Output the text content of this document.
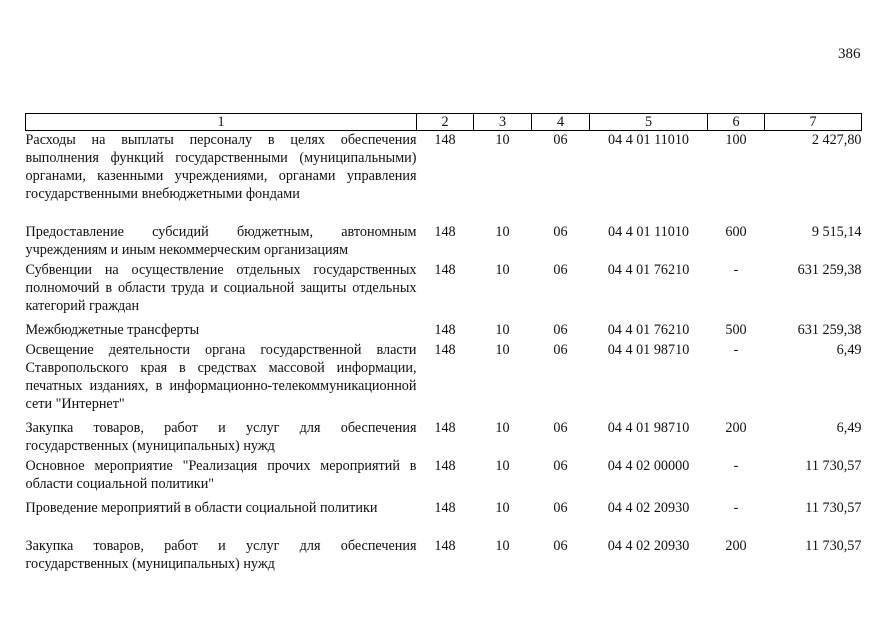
386
1	2	3	4	5	6	7
Расходы на выплаты персоналу в целях обеспечения выполнения функций государственными (муниципальными) органами, казенными учреждениями, органами управления государственными внебюджетными фондами	148	10	06	04 4 01 11010	100	2 427,80
Предоставление субсидий бюджетным, автономным учреждениям и иным некоммерческим организациям	148	10	06	04 4 01 11010	600	9 515,14
Субвенции на осуществление отдельных государственных полномочий в области труда и социальной защиты отдельных категорий граждан	148	10	06	04 4 01 76210	-	631 259,38
Межбюджетные трансферты	148	10	06	04 4 01 76210	500	631 259,38
Освещение деятельности органа государственной власти Ставропольского края в средствах массовой информации, печатных изданиях, в информационно-телекоммуникационной сети "Интернет"	148	10	06	04 4 01 98710	-	6,49
Закупка товаров, работ и услуг для обеспечения государственных (муниципальных) нужд	148	10	06	04 4 01 98710	200	6,49
Основное мероприятие "Реализация прочих мероприятий в области социальной политики"	148	10	06	04 4 02 00000	-	11 730,57
Проведение мероприятий в области социальной политики	148	10	06	04 4 02 20930	-	11 730,57
Закупка товаров, работ и услуг для обеспечения государственных (муниципальных) нужд	148	10	06	04 4 02 20930	200	11 730,57
